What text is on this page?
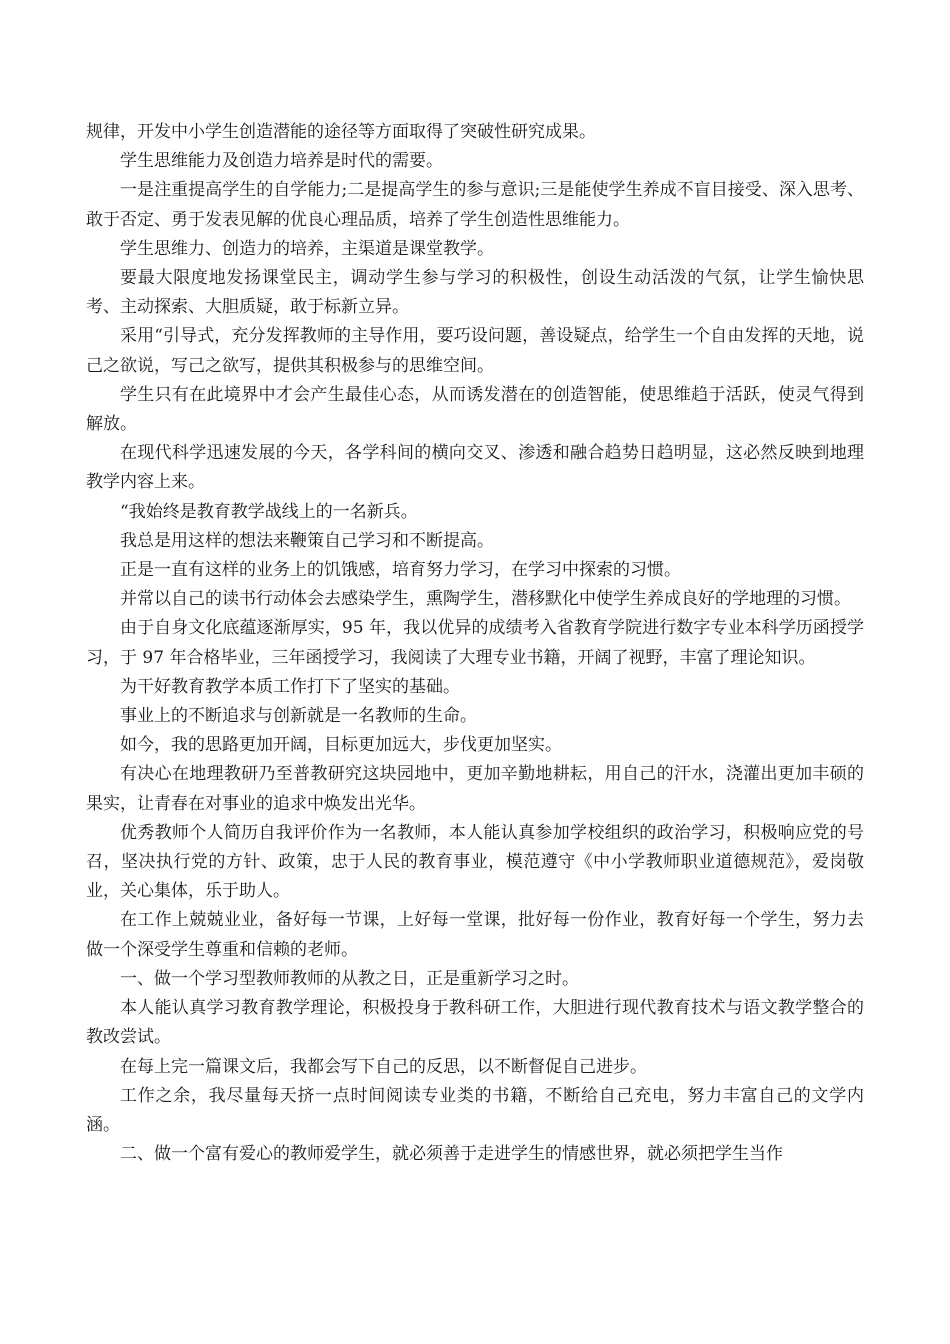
规律，开发中小学生创造潜能的途径等方面取得了突破性研究成果。

学生思维能力及创造力培养是时代的需要。

一是注重提高学生的自学能力;二是提高学生的参与意识;三是能使学生养成不盲目接受、深入思考、敢于否定、勇于发表见解的优良心理品质，培养了学生创造性思维能力。

学生思维力、创造力的培养，主渠道是课堂教学。

要最大限度地发扬课堂民主，调动学生参与学习的积极性，创设生动活泼的气氛，让学生愉快思考、主动探索、大胆质疑，敢于标新立异。

采用“引导式，充分发挥教师的主导作用，要巧设问题，善设疑点，给学生一个自由发挥的天地，说己之欲说，写己之欲写，提供其积极参与的思维空间。

学生只有在此境界中才会产生最佳心态，从而诱发潜在的创造智能，使思维趋于活跃，使灵气得到解放。

在现代科学迅速发展的今天，各学科间的横向交叉、渗透和融合趋势日趋明显，这必然反映到地理教学内容上来。

“我始终是教育教学战线上的一名新兵。

我总是用这样的想法来鞭策自己学习和不断提高。

正是一直有这样的业务上的饥饿感，培育努力学习，在学习中探索的习惯。

并常以自己的读书行动体会去感染学生，熏陶学生，潜移默化中使学生养成良好的学地理的习惯。

由于自身文化底蕴逐渐厚实，95 年，我以优异的成绩考入省教育学院进行数字专业本科学历函授学习，于 97 年合格毕业，三年函授学习，我阅读了大理专业书籍，开阔了视野，丰富了理论知识。

为干好教育教学本质工作打下了坚实的基础。

事业上的不断追求与创新就是一名教师的生命。

如今，我的思路更加开阔，目标更加远大，步伐更加坚实。

有决心在地理教研乃至普教研究这块园地中，更加辛勤地耕耘，用自己的汗水，浇灌出更加丰硕的果实，让青春在对事业的追求中焕发出光华。

优秀教师个人简历自我评价作为一名教师，本人能认真参加学校组织的政治学习，积极响应党的号召，坚决执行党的方针、政策，忠于人民的教育事业，模范遵守《中小学教师职业道德规范》，爱岗敬业，关心集体，乐于助人。

在工作上兢兢业业，备好每一节课，上好每一堂课，批好每一份作业，教育好每一个学生，努力去做一个深受学生尊重和信赖的老师。

一、做一个学习型教师教师的从教之日，正是重新学习之时。

本人能认真学习教育教学理论，积极投身于教科研工作，大胆进行现代教育技术与语文教学整合的教改尝试。

在每上完一篇课文后，我都会写下自己的反思，以不断督促自己进步。

工作之余，我尽量每天挤一点时间阅读专业类的书籍，不断给自己充电，努力丰富自己的文学内涵。

二、做一个富有爱心的教师爱学生，就必须善于走进学生的情感世界，就必须把学生当作
